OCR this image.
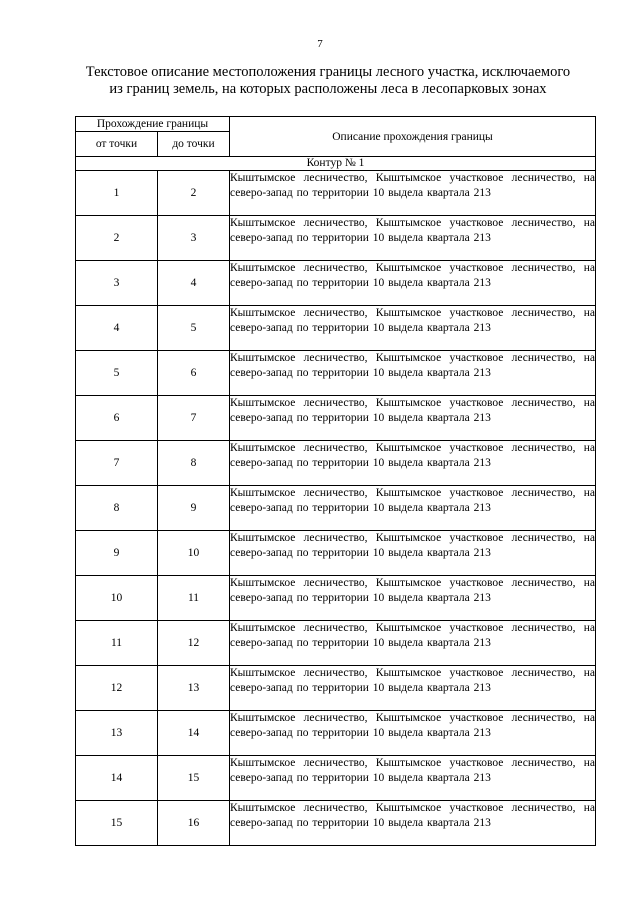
7
Текстовое описание местоположения границы лесного участка, исключаемого
из границ земель, на которых расположены леса в лесопарковых зонах
Прохождение границы		Описание прохождения границы
от точки	до точки	
Контур № 1		
1	2	Кыштымское лесничество, Кыштымское участковое лесничество, на северо-запад по территории 10 выдела квартала 213

2	3	Кыштымское лесничество, Кыштымское участковое лесничество, на северо-запад по территории 10 выдела квартала 213

3	4	Кыштымское лесничество, Кыштымское участковое лесничество, на северо-запад по территории 10 выдела квартала 213

4	5	Кыштымское лесничество, Кыштымское участковое лесничество, на северо-запад по территории 10 выдела квартала 213

5	6	Кыштымское лесничество, Кыштымское участковое лесничество, на северо-запад по территории 10 выдела квартала 213

6	7	Кыштымское лесничество, Кыштымское участковое лесничество, на северо-запад по территории 10 выдела квартала 213

7	8	Кыштымское лесничество, Кыштымское участковое лесничество, на северо-запад по территории 10 выдела квартала 213

8	9	Кыштымское лесничество, Кыштымское участковое лесничество, на северо-запад по территории 10 выдела квартала 213

9	10	Кыштымское лесничество, Кыштымское участковое лесничество, на северо-запад по территории 10 выдела квартала 213

10	11	Кыштымское лесничество, Кыштымское участковое лесничество, на северо-запад по территории 10 выдела квартала 213

11	12	Кыштымское лесничество, Кыштымское участковое лесничество, на северо-запад по территории 10 выдела квартала 213

12	13	Кыштымское лесничество, Кыштымское участковое лесничество, на северо-запад по территории 10 выдела квартала 213

13	14	Кыштымское лесничество, Кыштымское участковое лесничество, на северо-запад по территории 10 выдела квартала 213

14	15	Кыштымское лесничество, Кыштымское участковое лесничество, на северо-запад по территории 10 выдела квартала 213

15	16	Кыштымское лесничество, Кыштымское участковое лесничество, на северо-запад по территории 10 выдела квартала 213
